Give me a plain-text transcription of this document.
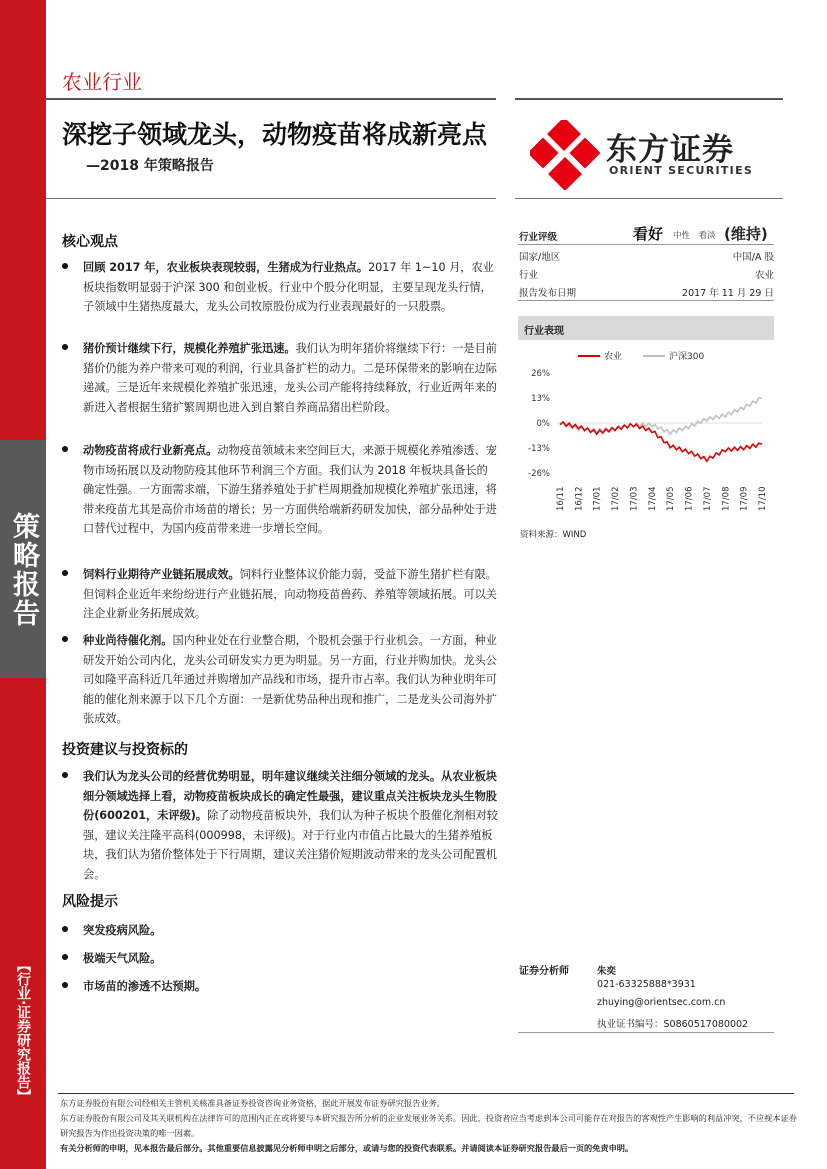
策略报告
【行业·证券研究报告】
农业行业
深挖子领域龙头，动物疫苗将成新亮点
—2018 年策略报告	东方证券
ORIENT SECURITIES
核心观点
回顾 2017 年，农业板块表现较弱，生猪成为行业热点。2017 年 1~10 月，农业板块指数明显弱于沪深 300 和创业板。行业中个股分化明显，主要呈现龙头行情，子领域中生猪热度最大，龙头公司牧原股份成为行业表现最好的一只股票。
猪价预计继续下行，规模化养殖扩张迅速。我们认为明年猪价将继续下行：一是目前猪价仍能为养户带来可观的利润，行业具备扩栏的动力。二是环保带来的影响在边际递减。三是近年来规模化养殖扩张迅速，龙头公司产能将持续释放，行业近两年来的新进入者根据生猪扩繁周期也进入到自繁自养商品猪出栏阶段。
动物疫苗将成行业新亮点。动物疫苗领域未来空间巨大，来源于规模化养殖渗透、宠物市场拓展以及动物防疫其他环节利润三个方面。我们认为 2018 年板块具备长的确定性强。一方面需求端，下游生猪养殖处于扩栏周期叠加规模化养殖扩张迅速，将带来疫苗尤其是高价市场苗的增长；另一方面供给端新药研发加快，部分品种处于进口替代过程中，为国内疫苗带来进一步增长空间。
饲料行业期待产业链拓展成效。饲料行业整体议价能力弱，受益下游生猪扩栏有限。但饲料企业近年来纷纷进行产业链拓展，向动物疫苗兽药、养殖等领域拓展。可以关注企业新业务拓展成效。
种业尚待催化剂。国内种业处在行业整合期，个股机会强于行业机会。一方面，种业研发开始公司内化，龙头公司研发实力更为明显。另一方面，行业并购加快。龙头公司如隆平高科近几年通过并购增加产品线和市场，提升市占率。我们认为种业明年可能的催化剂来源于以下几个方面：一是新优势品种出现和推广，二是龙头公司海外扩张成效。
投资建议与投资标的
我们认为龙头公司的经营优势明显，明年建议继续关注细分领域的龙头。从农业板块细分领域选择上看，动物疫苗板块成长的确定性最强，建议重点关注板块龙头生物股份(600201，未评级)。除了动物疫苗板块外，我们认为种子板块个股催化剂相对较强，建议关注隆平高科(000998，未评级)。对于行业内市值占比最大的生猪养殖板块，我们认为猪价整体处于下行周期，建议关注猪价短期波动带来的龙头公司配置机会。
风险提示
突发疫病风险。
极端天气风险。
市场苗的渗透不达预期。
行业评级	看好 中性　看淡 (维持)
国家/地区	中国/A 股
行业	农业
报告发布日期	2017 年 11 月 29 日
行业表现
农业	沪深300
26%
13%
0%
-13%
-26%
16/11 16/12 17/01 17/02 17/03 17/04 17/05 17/06 17/07 17/08 17/09 17/10
资料来源：WIND
证券分析师	朱奕
021-63325888*3931
zhuying@orientsec.com.cn
执业证书编号：S0860517080002
东方证券股份有限公司经相关主管机关核准具备证券投资咨询业务资格，据此开展发布证券研究报告业务。
东方证券股份有限公司及其关联机构在法律许可的范围内正在或将要与本研究报告所分析的企业发展业务关系。因此，投资者应当考虑到本公司可能存在对报告的客观性产生影响的利益冲突，不应视本证券研究报告为作出投资决策的唯一因素。
有关分析师的申明，见本报告最后部分。其他重要信息披露见分析师申明之后部分，或请与您的投资代表联系。并请阅读本证券研究报告最后一页的免责申明。
